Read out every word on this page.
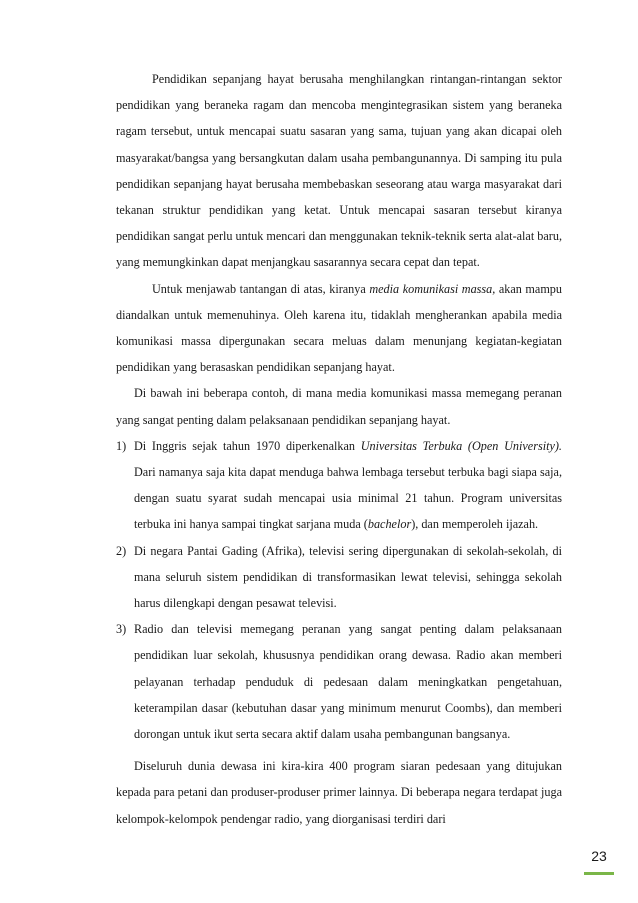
Pendidikan sepanjang hayat berusaha menghilangkan rintangan-rintangan sektor pendidikan yang beraneka ragam dan mencoba mengintegrasikan sistem yang beraneka ragam tersebut, untuk mencapai suatu sasaran yang sama, tujuan yang akan dicapai oleh masyarakat/bangsa yang bersangkutan dalam usaha pembangunannya. Di samping itu pula pendidikan sepanjang hayat berusaha membebaskan seseorang atau warga masyarakat dari tekanan struktur pendidikan yang ketat. Untuk mencapai sasaran tersebut kiranya pendidikan sangat perlu untuk mencari dan menggunakan teknik-teknik serta alat-alat baru, yang memungkinkan dapat menjangkau sasarannya secara cepat dan tepat.

Untuk menjawab tantangan di atas, kiranya media komunikasi massa, akan mampu diandalkan untuk memenuhinya. Oleh karena itu, tidaklah mengherankan apabila media komunikasi massa dipergunakan secara meluas dalam menunjang kegiatan-kegiatan pendidikan yang berasaskan pendidikan sepanjang hayat.

Di bawah ini beberapa contoh, di mana media komunikasi massa memegang peranan yang sangat penting dalam pelaksanaan pendidikan sepanjang hayat.

1) Di Inggris sejak tahun 1970 diperkenalkan Universitas Terbuka (Open University). Dari namanya saja kita dapat menduga bahwa lembaga tersebut terbuka bagi siapa saja, dengan suatu syarat sudah mencapai usia minimal 21 tahun. Program universitas terbuka ini hanya sampai tingkat sarjana muda (bachelor), dan memperoleh ijazah.
2) Di negara Pantai Gading (Afrika), televisi sering dipergunakan di sekolah-sekolah, di mana seluruh sistem pendidikan di transformasikan lewat televisi, sehingga sekolah harus dilengkapi dengan pesawat televisi.
3) Radio dan televisi memegang peranan yang sangat penting dalam pelaksanaan pendidikan luar sekolah, khususnya pendidikan orang dewasa. Radio akan memberi pelayanan terhadap penduduk di pedesaan dalam meningkatkan pengetahuan, keterampilan dasar (kebutuhan dasar yang minimum menurut Coombs), dan memberi dorongan untuk ikut serta secara aktif dalam usaha pembangunan bangsanya.

Diseluruh dunia dewasa ini kira-kira 400 program siaran pedesaan yang ditujukan kepada para petani dan produser-produser primer lainnya. Di beberapa negara terdapat juga kelompok-kelompok pendengar radio, yang diorganisasi terdiri dari

23
